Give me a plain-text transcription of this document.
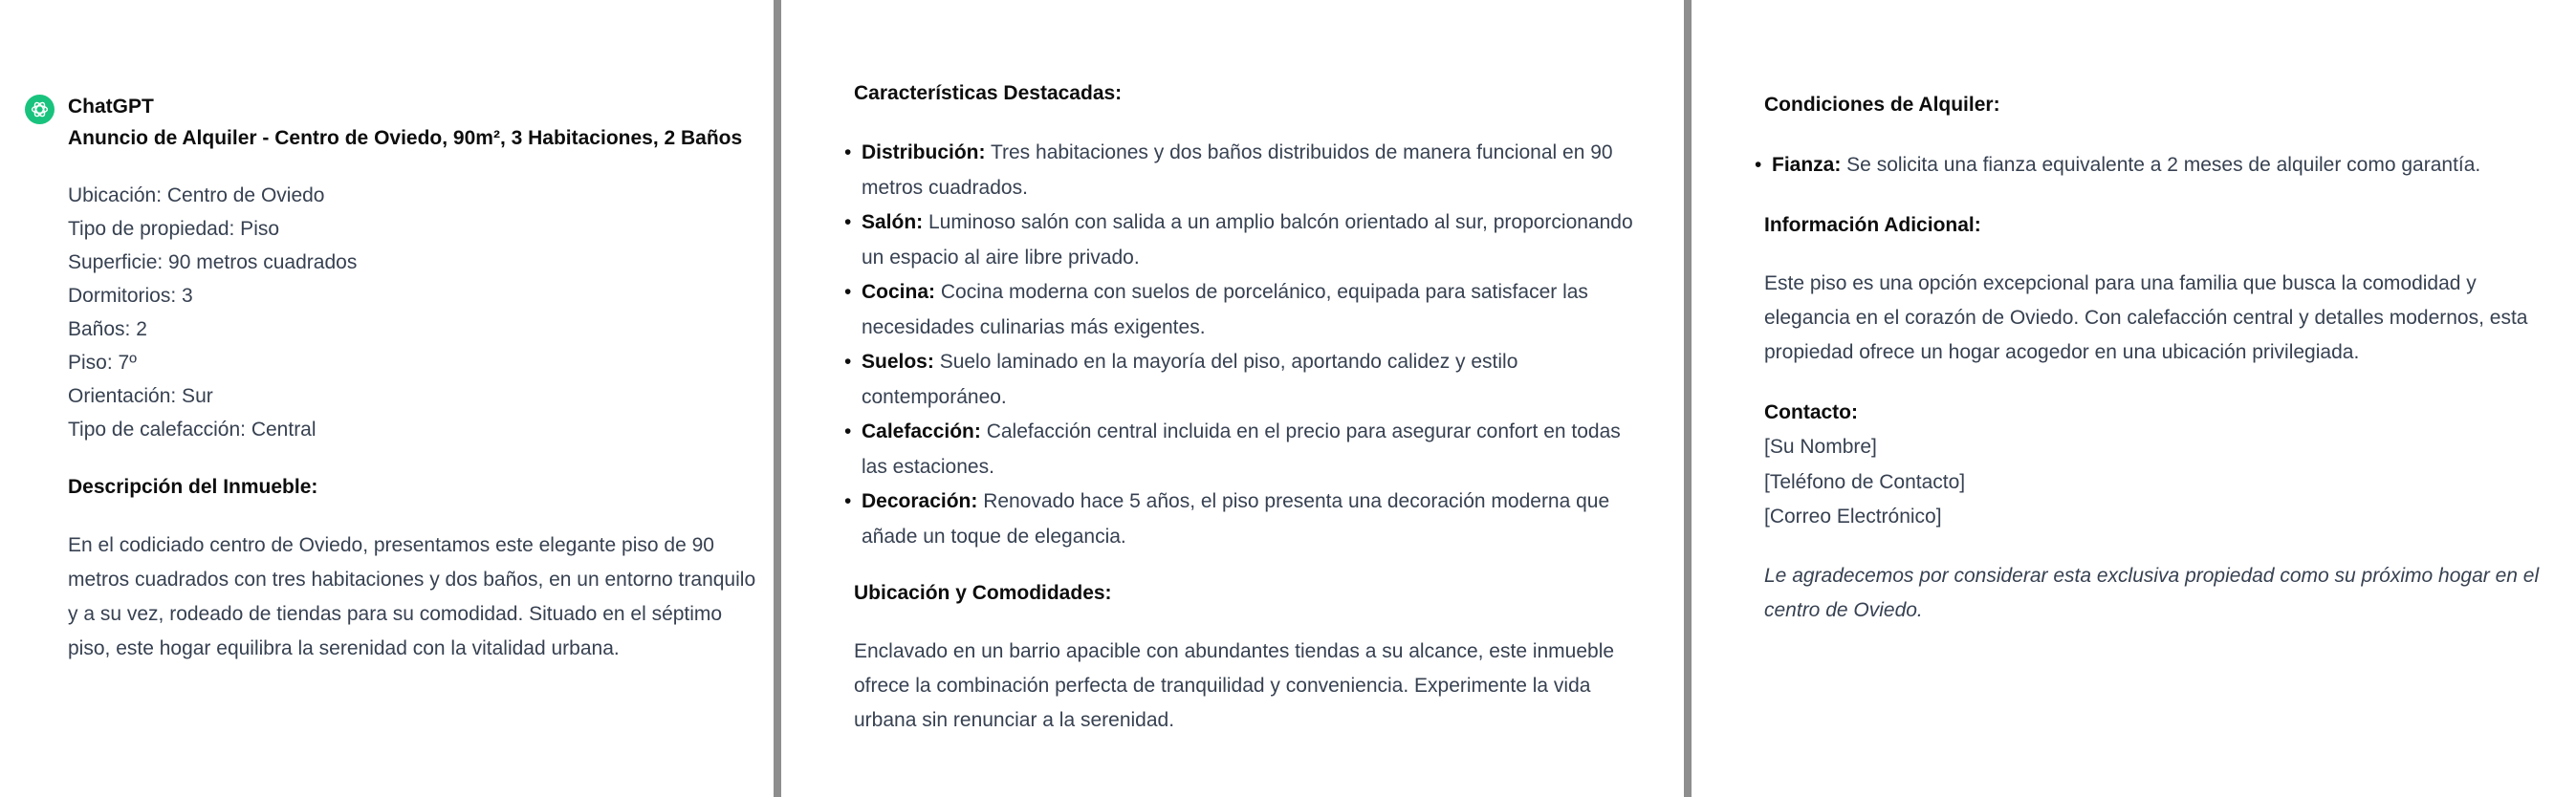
ChatGPT
Anuncio de Alquiler - Centro de Oviedo, 90m², 3 Habitaciones, 2 Baños
Ubicación: Centro de Oviedo
Tipo de propiedad: Piso
Superficie: 90 metros cuadrados
Dormitorios: 3
Baños: 2
Piso: 7º
Orientación: Sur
Tipo de calefacción: Central
Descripción del Inmueble:

En el codiciado centro de Oviedo, presentamos este elegante piso de 90 metros cuadrados con tres habitaciones y dos baños, en un entorno tranquilo y a su vez, rodeado de tiendas para su comodidad. Situado en el séptimo piso, este hogar equilibra la serenidad con la vitalidad urbana.

Características Destacadas:
• Distribución: Tres habitaciones y dos baños distribuidos de manera funcional en 90 metros cuadrados.
• Salón: Luminoso salón con salida a un amplio balcón orientado al sur, proporcionando un espacio al aire libre privado.
• Cocina: Cocina moderna con suelos de porcelánico, equipada para satisfacer las necesidades culinarias más exigentes.
• Suelos: Suelo laminado en la mayoría del piso, aportando calidez y estilo contemporáneo.
• Calefacción: Calefacción central incluida en el precio para asegurar confort en todas las estaciones.
• Decoración: Renovado hace 5 años, el piso presenta una decoración moderna que añade un toque de elegancia.
Ubicación y Comodidades:

Enclavado en un barrio apacible con abundantes tiendas a su alcance, este inmueble ofrece la combinación perfecta de tranquilidad y conveniencia. Experimente la vida urbana sin renunciar a la serenidad.

Condiciones de Alquiler:
• Fianza: Se solicita una fianza equivalente a 2 meses de alquiler como garantía.
Información Adicional:

Este piso es una opción excepcional para una familia que busca la comodidad y elegancia en el corazón de Oviedo. Con calefacción central y detalles modernos, esta propiedad ofrece un hogar acogedor en una ubicación privilegiada.

Contacto:
[Su Nombre]
[Teléfono de Contacto]
[Correo Electrónico]

Le agradecemos por considerar esta exclusiva propiedad como su próximo hogar en el centro de Oviedo.
